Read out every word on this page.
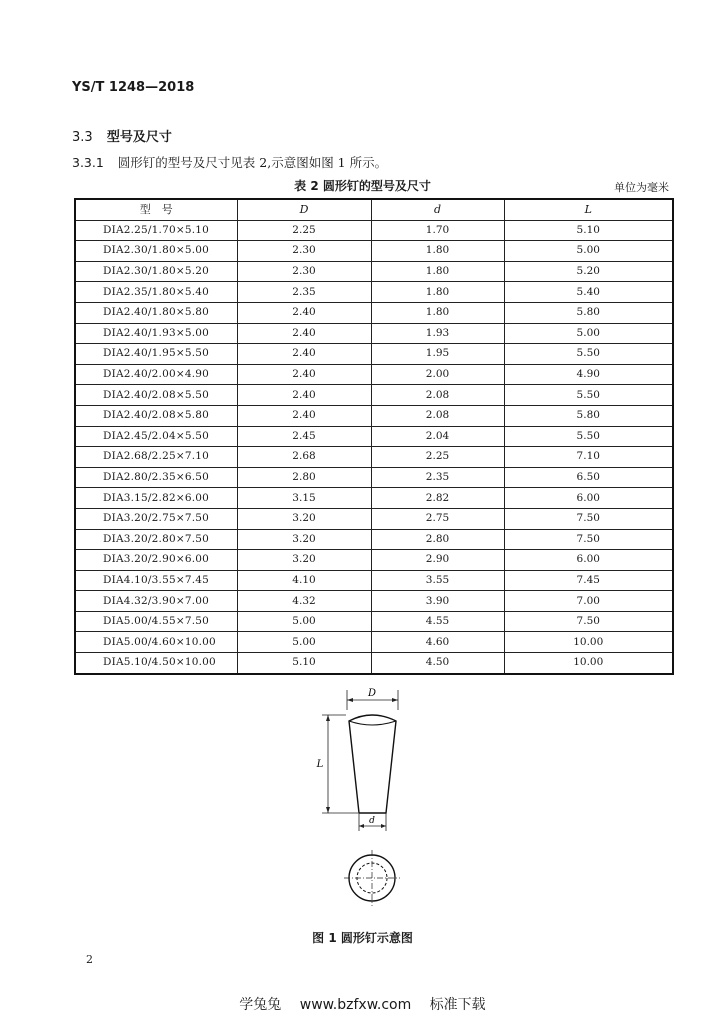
YS/T 1248—2018
3.3 型号及尺寸
3.3.1 圆形钉的型号及尺寸见表 2,示意图如图 1 所示。
表 2 圆形钉的型号及尺寸	单位为毫米
型　号	D	d	L
DIA2.25/1.70×5.10	2.25	1.70	5.10
DIA2.30/1.80×5.00	2.30	1.80	5.00
DIA2.30/1.80×5.20	2.30	1.80	5.20
DIA2.35/1.80×5.40	2.35	1.80	5.40
DIA2.40/1.80×5.80	2.40	1.80	5.80
DIA2.40/1.93×5.00	2.40	1.93	5.00
DIA2.40/1.95×5.50	2.40	1.95	5.50
DIA2.40/2.00×4.90	2.40	2.00	4.90
DIA2.40/2.08×5.50	2.40	2.08	5.50
DIA2.40/2.08×5.80	2.40	2.08	5.80
DIA2.45/2.04×5.50	2.45	2.04	5.50
DIA2.68/2.25×7.10	2.68	2.25	7.10
DIA2.80/2.35×6.50	2.80	2.35	6.50
DIA3.15/2.82×6.00	3.15	2.82	6.00
DIA3.20/2.75×7.50	3.20	2.75	7.50
DIA3.20/2.80×7.50	3.20	2.80	7.50
DIA3.20/2.90×6.00	3.20	2.90	6.00
DIA4.10/3.55×7.45	4.10	3.55	7.45
DIA4.32/3.90×7.00	4.32	3.90	7.00
DIA5.00/4.55×7.50	5.00	4.55	7.50
DIA5.00/4.60×10.00	5.00	4.60	10.00
DIA5.10/4.50×10.00	5.10	4.50	10.00
D
L
d
图 1 圆形钉示意图
2
学兔兔 www.bzfxw.com 标准下载
